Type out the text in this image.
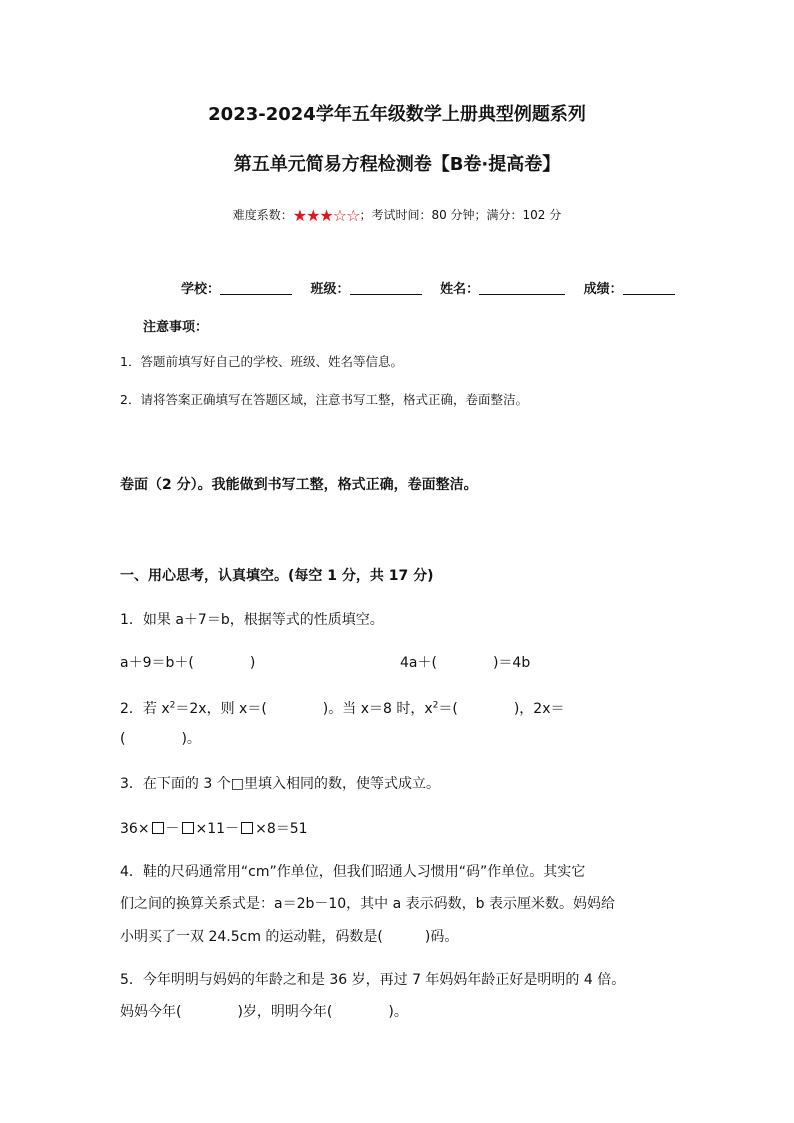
2023-2024学年五年级数学上册典型例题系列
第五单元简易方程检测卷【B卷·提高卷】
难度系数：★★★☆☆；考试时间：80 分钟；满分：102 分
学校：	班级：	姓名：	成绩：
注意事项：
1．答题前填写好自己的学校、班级、姓名等信息。
2．请将答案正确填写在答题区域，注意书写工整，格式正确，卷面整洁。
卷面（2 分）。我能做到书写工整，格式正确，卷面整洁。
一、用心思考，认真填空。(每空 1 分，共 17 分)
1．如果 a＋7＝b，根据等式的性质填空。
a＋9＝b＋(　　　　)	4a＋(　　　　)＝4b
2．若 $x^2=2x$，则 x＝(　　　　)。当 x＝8 时，$x^2=$(　　　　)，2x＝
(　　　　)。
3．在下面的 3 个□里填入相同的数，使等式成立。
36× － ×11－ ×8＝51
4．鞋的尺码通常用“cm”作单位，但我们昭通人习惯用“码”作单位。其实它
们之间的换算关系式是：a＝2b－10，其中 a 表示码数，b 表示厘米数。妈妈给
小明买了一双 24.5cm 的运动鞋，码数是(　　　)码。
5．今年明明与妈妈的年龄之和是 36 岁，再过 7 年妈妈年龄正好是明明的 4 倍。
妈妈今年(　　　　)岁，明明今年(　　　　)。
